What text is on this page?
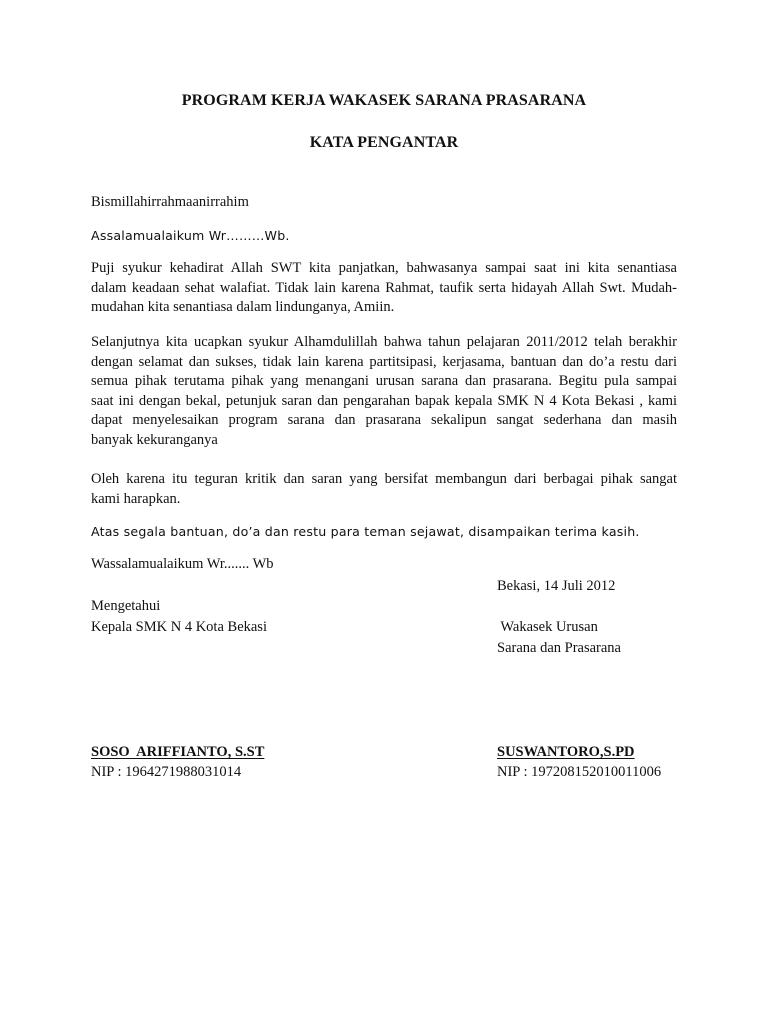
PROGRAM KERJA WAKASEK SARANA PRASARANA
KATA PENGANTAR
Bismillahirrahmaanirrahim
Assalamualaikum Wr………Wb.
Puji syukur kehadirat Allah SWT kita panjatkan, bahwasanya sampai saat ini kita senantiasa
dalam keadaan sehat walafiat. Tidak lain karena Rahmat, taufik serta hidayah Allah Swt. Mudah-
mudahan kita senantiasa dalam lindunganya, Amiin.
Selanjutnya kita ucapkan syukur Alhamdulillah bahwa tahun pelajaran 2011/2012 telah berakhir
dengan selamat dan sukses, tidak lain karena partitsipasi, kerjasama, bantuan dan do’a restu dari
semua pihak terutama pihak yang menangani urusan sarana dan prasarana. Begitu pula sampai
saat ini dengan bekal, petunjuk saran dan pengarahan bapak kepala SMK N 4 Kota Bekasi , kami
dapat menyelesaikan program sarana dan prasarana sekalipun sangat sederhana dan masih
banyak kekuranganya
Oleh karena itu teguran kritik dan saran yang bersifat membangun dari berbagai pihak sangat
kami harapkan.
Atas segala bantuan, do’a dan restu para teman sejawat, disampaikan terima kasih.
Wassalamualaikum Wr....... Wb
Bekasi, 14 Juli 2012
Mengetahui
Kepala SMK N 4 Kota Bekasi	Wakasek Urusan
Sarana dan Prasarana
SOSO  ARIFFIANTO, S.ST
NIP : 1964271988031014
SUSWANTORO,S.PD
NIP : 197208152010011006
